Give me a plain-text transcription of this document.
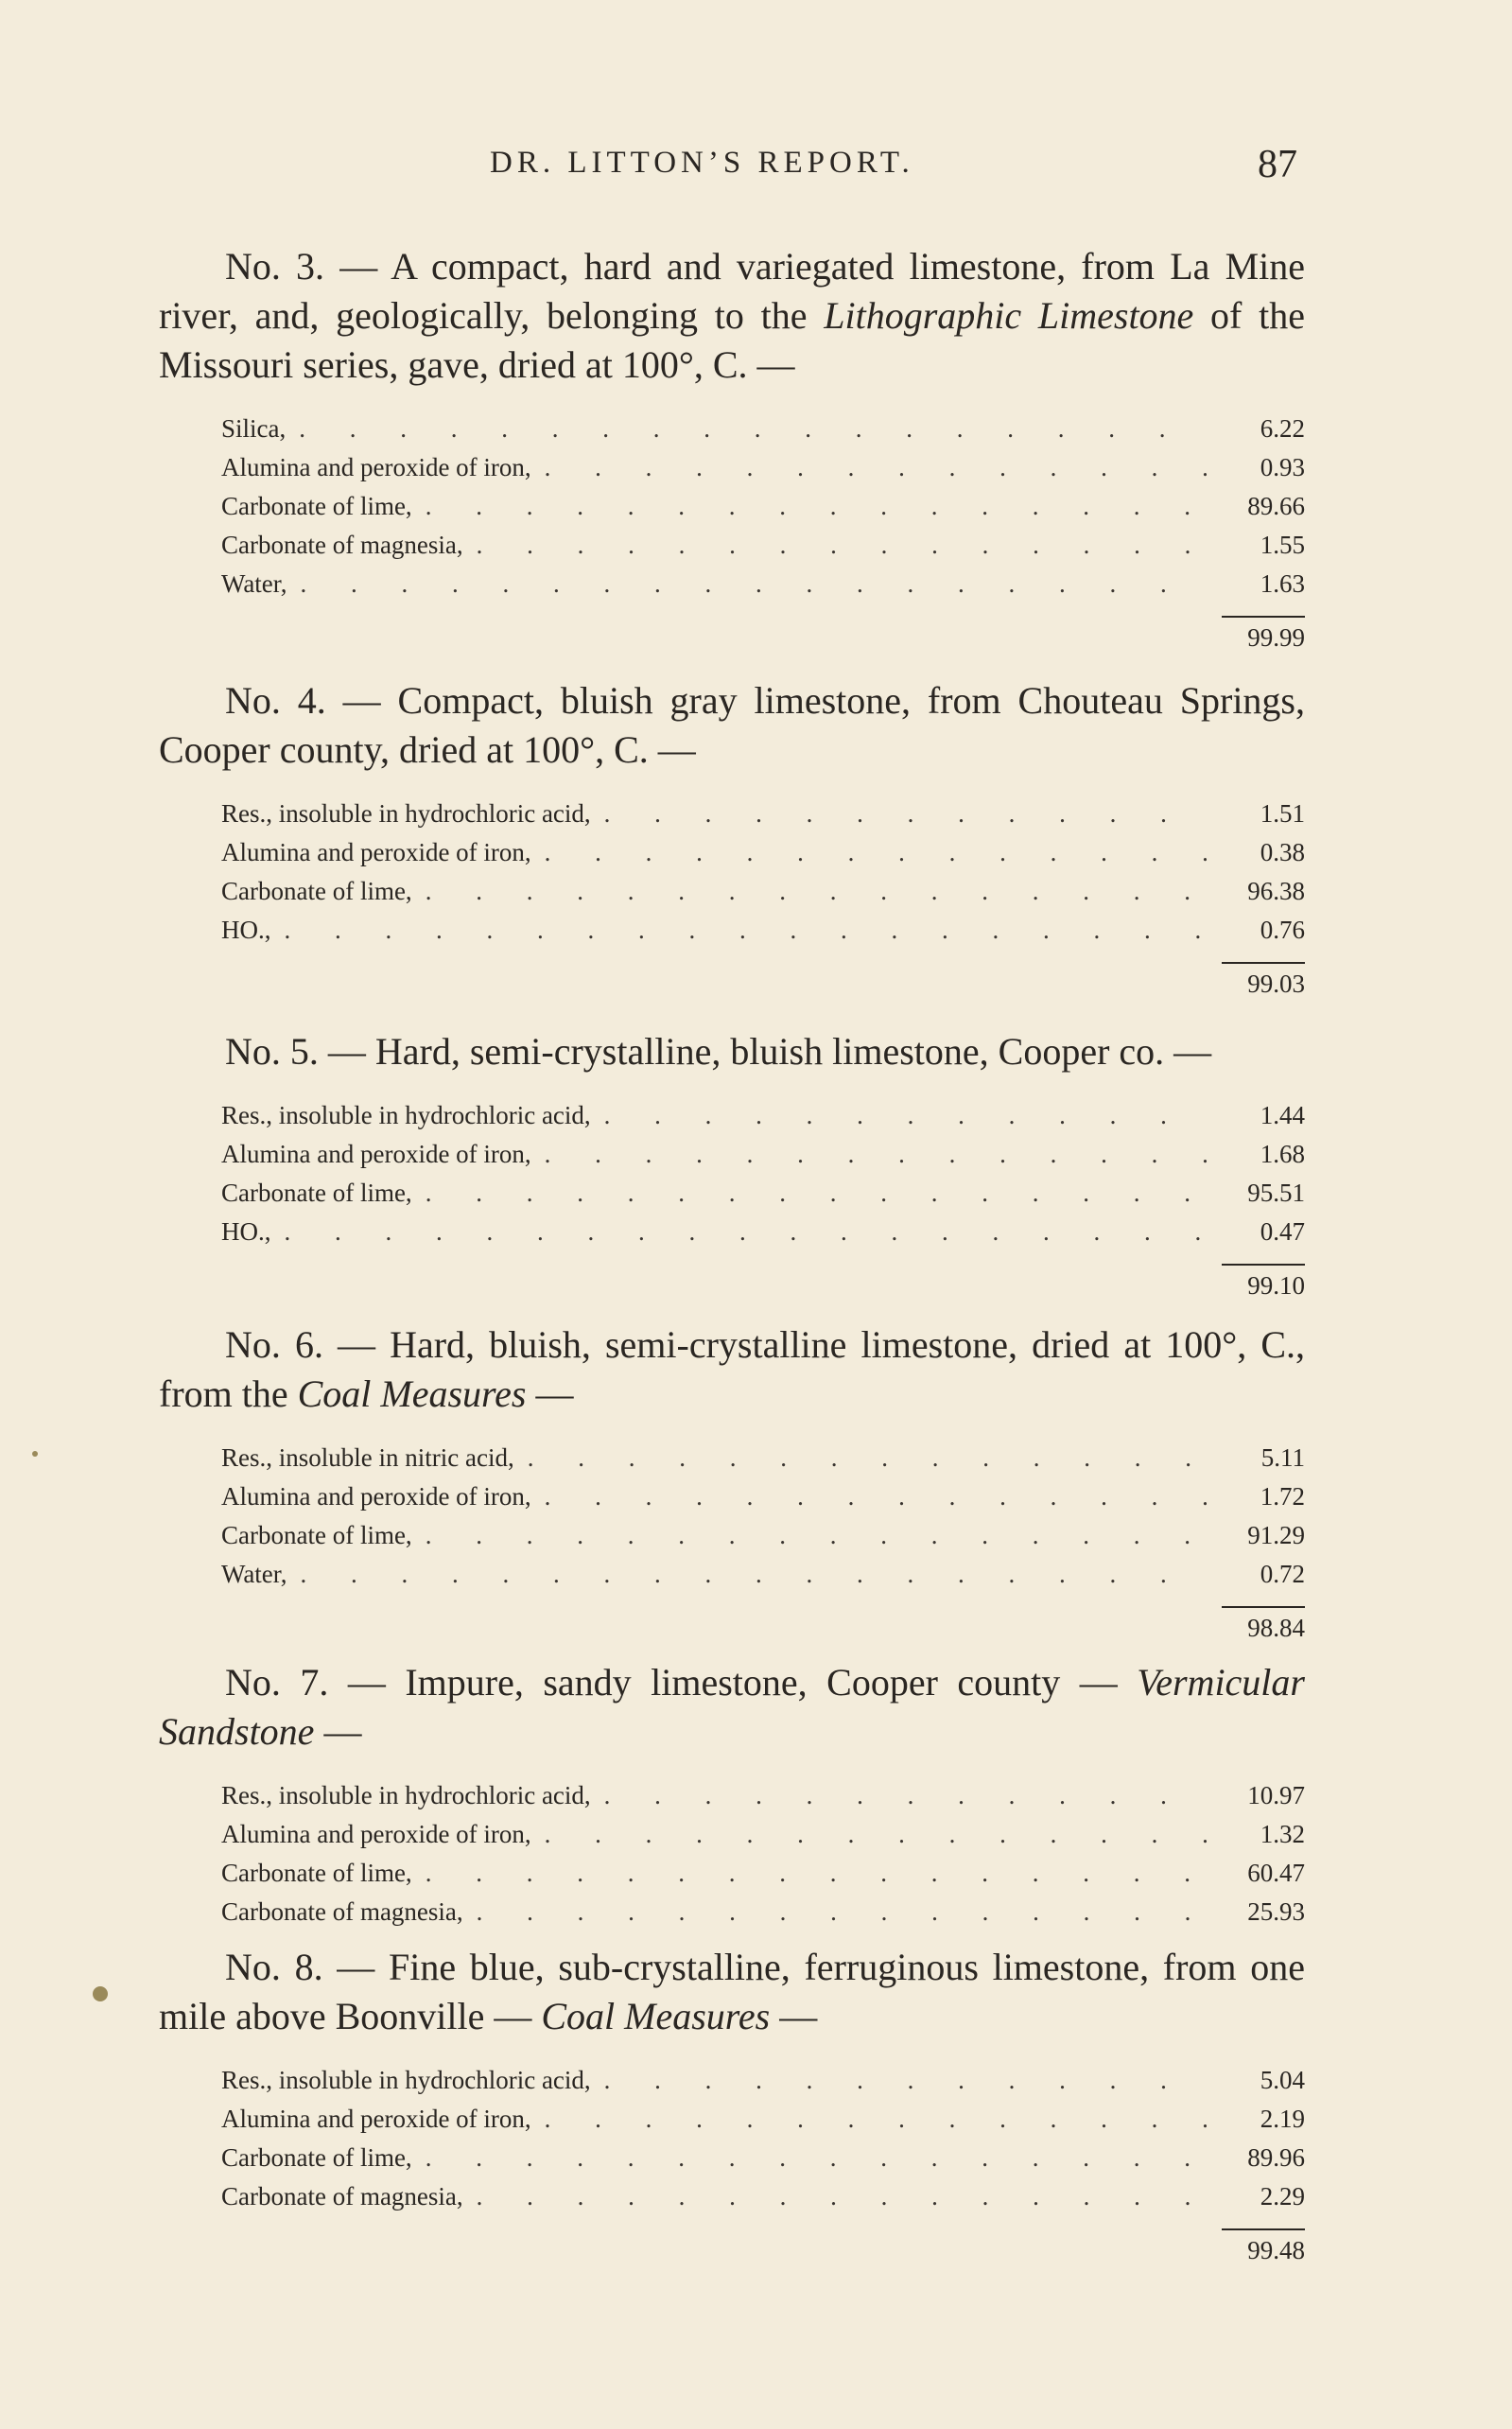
DR. LITTON’S REPORT.	87

No. 3. — A compact, hard and variegated limestone, from La Mine river, and, geologically, belonging to the Lithographic Limestone of the Missouri series, gave, dried at 100°, C. —

Silica, . . .	6.22
Alumina and peroxide of iron, . . .	0.93
Carbonate of lime, . . .	89.66
Carbonate of magnesia, . . .	1.55
Water, . . .	1.63
99.99

No. 4. — Compact, bluish gray limestone, from Chouteau Springs, Cooper county, dried at 100°, C. —

Res., insoluble in hydrochloric acid, . . .	1.51
Alumina and peroxide of iron, . . .	0.38
Carbonate of lime, . . .	96.38
HO., . . .	0.76
99.03

No. 5. — Hard, semi-crystalline, bluish limestone, Cooper co. —

Res., insoluble in hydrochloric acid, . . .	1.44
Alumina and peroxide of iron, . . .	1.68
Carbonate of lime, . . .	95.51
HO., . . .	0.47
99.10

No. 6. — Hard, bluish, semi-crystalline limestone, dried at 100°, C., from the Coal Measures —

Res., insoluble in nitric acid, . . .	5.11
Alumina and peroxide of iron, . . .	1.72
Carbonate of lime, . . .	91.29
Water, . . .	0.72
98.84

No. 7. — Impure, sandy limestone, Cooper county — Vermicular Sandstone —

Res., insoluble in hydrochloric acid, . . .	10.97
Alumina and peroxide of iron, . . .	1.32
Carbonate of lime, . . .	60.47
Carbonate of magnesia, . . .	25.93

No. 8. — Fine blue, sub-crystalline, ferruginous limestone, from one mile above Boonville — Coal Measures —

Res., insoluble in hydrochloric acid, . . .	5.04
Alumina and peroxide of iron, . . .	2.19
Carbonate of lime, . . .	89.96
Carbonate of magnesia, . . .	2.29
99.48
